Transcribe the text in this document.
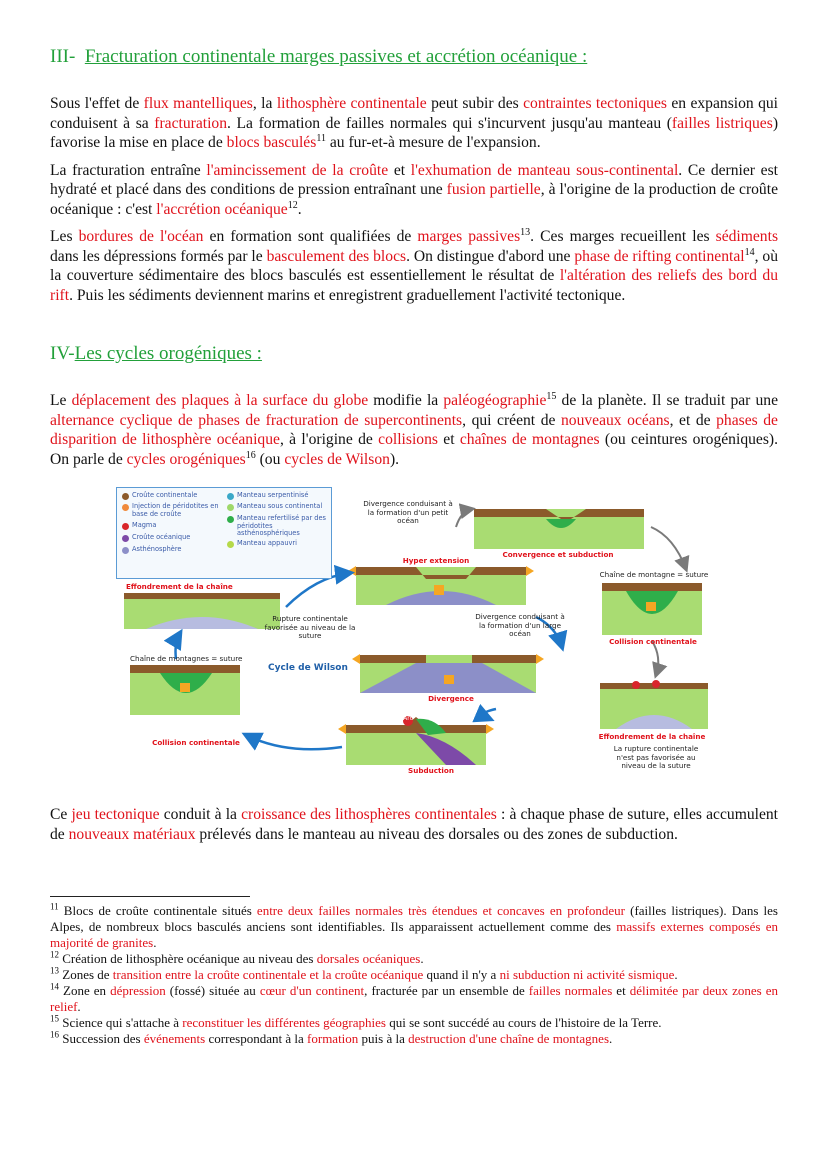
III- Fracturation continentale marges passives et accrétion océanique :

Sous l'effet de flux mantelliques, la lithosphère continentale peut subir des contraintes tectoniques en expansion qui conduisent à sa fracturation. La formation de failles normales qui s'incurvent jusqu'au manteau (failles listriques) favorise la mise en place de blocs basculés$^{11}$ au fur-et-à mesure de l'expansion.

La fracturation entraîne l'amincissement de la croûte et l'exhumation de manteau sous-continental. Ce dernier est hydraté et placé dans des conditions de pression entraînant une fusion partielle, à l'origine de la production de croûte océanique : c'est l'accrétion océanique$^{12}$.

Les bordures de l'océan en formation sont qualifiées de marges passives$^{13}$. Ces marges recueillent les sédiments dans les dépressions formés par le basculement des blocs. On distingue d'abord une phase de rifting continental$^{14}$, où la couverture sédimentaire des blocs basculés est essentiellement le résultat de l'altération des reliefs des bord du rift. Puis les sédiments deviennent marins et enregistrent graduellement l'activité tectonique.

IV-Les cycles orogéniques :

Le déplacement des plaques à la surface du globe modifie la paléogéographie$^{15}$ de la planète. Il se traduit par une alternance cyclique de phases de fracturation de supercontinents, qui créent de nouveaux océans, et de phases de disparition de lithosphère océanique, à l'origine de collisions et chaînes de montagnes (ou ceintures orogéniques). On parle de cycles orogéniques$^{16}$ (ou cycles de Wilson).

Croûte continentale
Injection de péridotites en base de croûte
Magma
Croûte océanique
Asthénosphère
Manteau serpentinisé
Manteau sous continental
Manteau refertilisé par des péridotites asthénosphériques
Manteau appauvri
Effondrement de la chaîne
Divergence conduisant à la formation d'un petit océan
Hyper extension
Convergence et subduction
Chaîne de montagne = suture
Rupture continentale favorisée au niveau de la suture
Divergence conduisant à la formation d'un large océan
Collision continentale
Chaîne de montagnes = suture
Cycle de Wilson
Divergence
Effondrement de la chaîne
La rupture continentale n'est pas favorisée au niveau de la suture
Collision continentale
Arc
Subduction

Ce jeu tectonique conduit à la croissance des lithosphères continentales : à chaque phase de suture, elles accumulent de nouveaux matériaux prélevés dans le manteau au niveau des dorsales ou des zones de subduction.

$^{11}$ Blocs de croûte continentale situés entre deux failles normales très étendues et concaves en profondeur (failles listriques). Dans les Alpes, de nombreux blocs basculés anciens sont identifiables. Ils apparaissent actuellement comme des massifs externes composés en majorité de granites.

$^{12}$ Création de lithosphère océanique au niveau des dorsales océaniques.

$^{13}$ Zones de transition entre la croûte continentale et la croûte océanique quand il n'y a ni subduction ni activité sismique.

$^{14}$ Zone en dépression (fossé) située au cœur d'un continent, fracturée par un ensemble de failles normales et délimitée par deux zones en relief.

$^{15}$ Science qui s'attache à reconstituer les différentes géographies qui se sont succédé au cours de l'histoire de la Terre.

$^{16}$ Succession des événements correspondant à la formation puis à la destruction d'une chaîne de montagnes.
